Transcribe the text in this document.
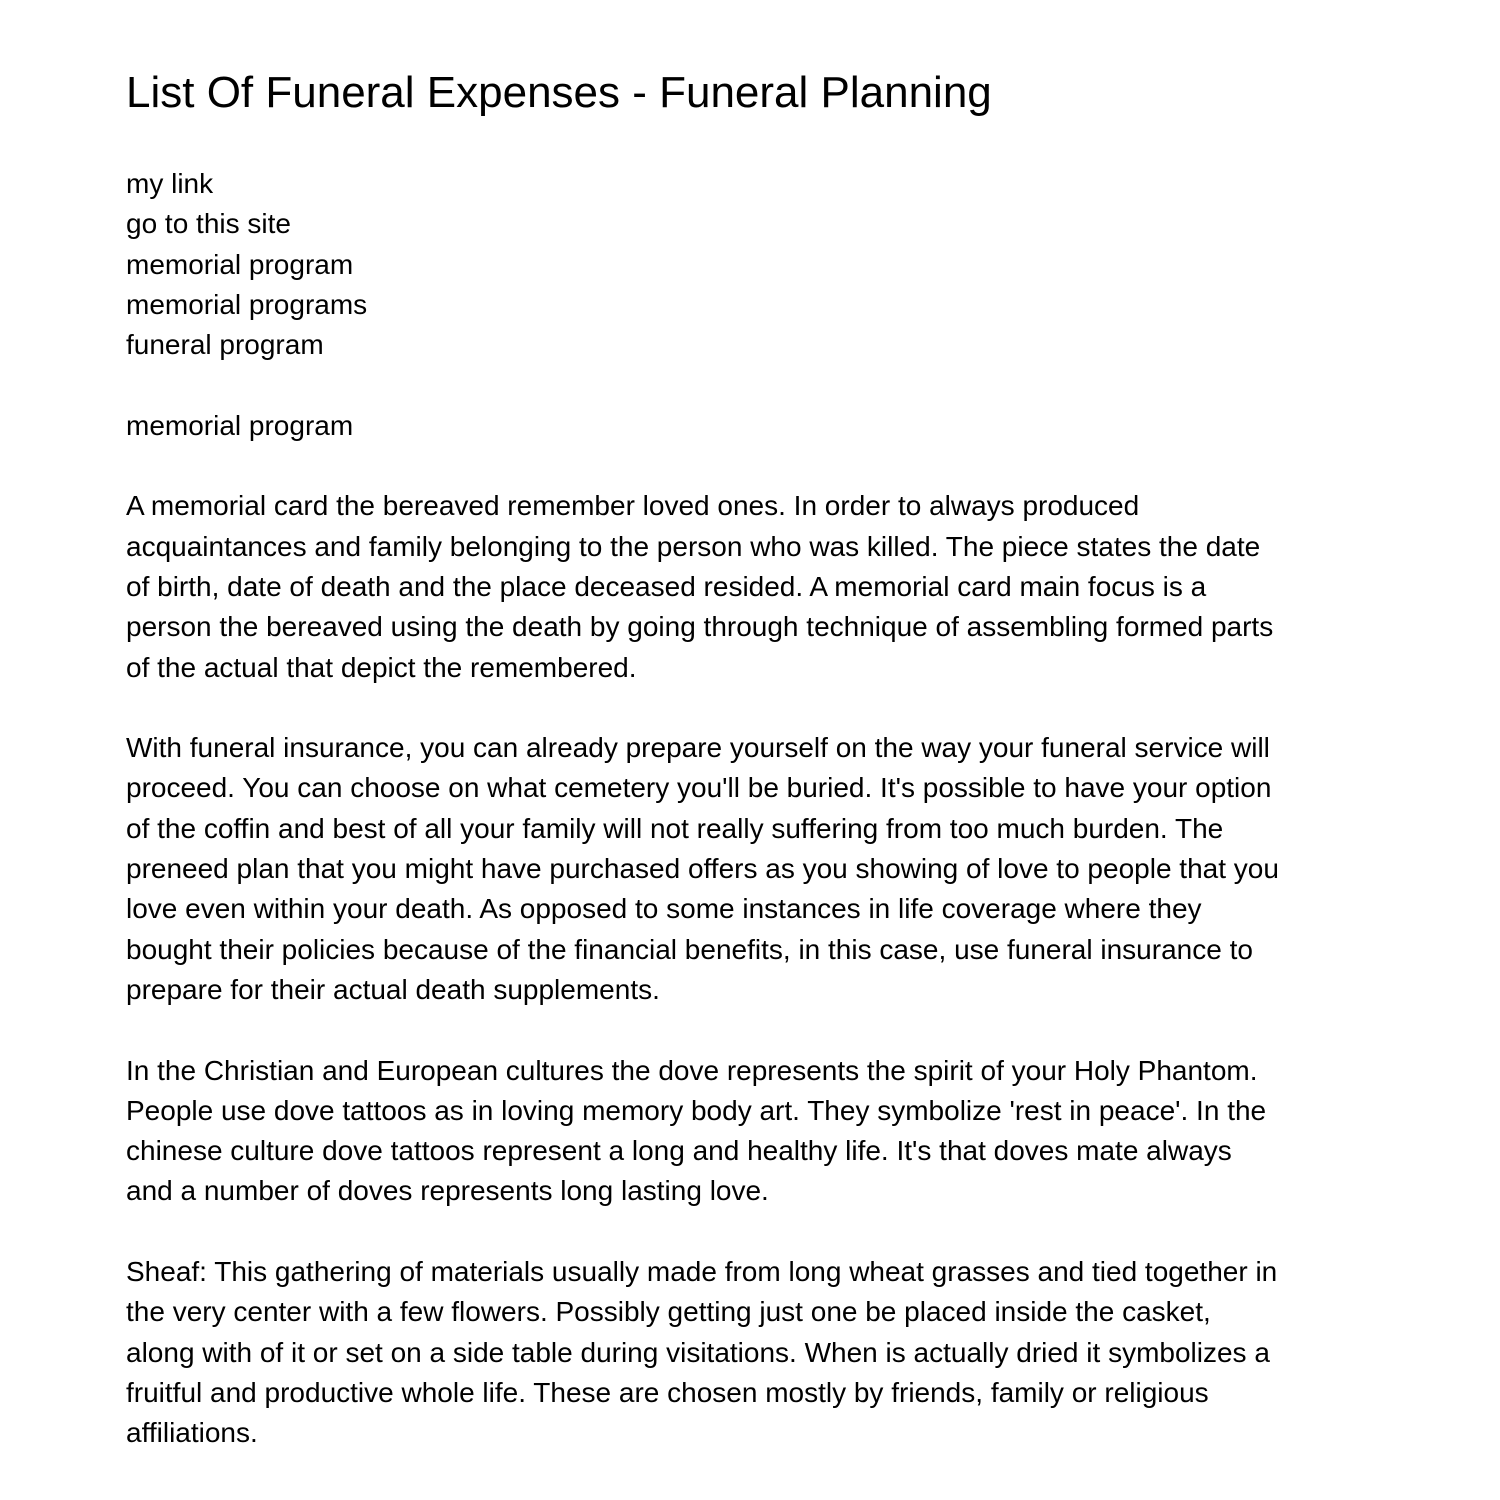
List Of Funeral Expenses - Funeral Planning
my link
go to this site
memorial program
memorial programs
funeral program
memorial program
A memorial card the bereaved remember loved ones. In order to always produced
acquaintances and family belonging to the person who was killed. The piece states the date
of birth, date of death and the place deceased resided. A memorial card main focus is a
person the bereaved using the death by going through technique of assembling formed parts
of the actual that depict the remembered.
With funeral insurance, you can already prepare yourself on the way your funeral service will
proceed. You can choose on what cemetery you'll be buried. It's possible to have your option
of the coffin and best of all your family will not really suffering from too much burden. The
preneed plan that you might have purchased offers as you showing of love to people that you
love even within your death. As opposed to some instances in life coverage where they
bought their policies because of the financial benefits, in this case, use funeral insurance to
prepare for their actual death supplements.
In the Christian and European cultures the dove represents the spirit of your Holy Phantom.
People use dove tattoos as in loving memory body art. They symbolize 'rest in peace'. In the
chinese culture dove tattoos represent a long and healthy life. It's that doves mate always
and a number of doves represents long lasting love.
Sheaf: This gathering of materials usually made from long wheat grasses and tied together in
the very center with a few flowers. Possibly getting just one be placed inside the casket,
along with of it or set on a side table during visitations. When is actually dried it symbolizes a
fruitful and productive whole life. These are chosen mostly by friends, family or religious
affiliations.
